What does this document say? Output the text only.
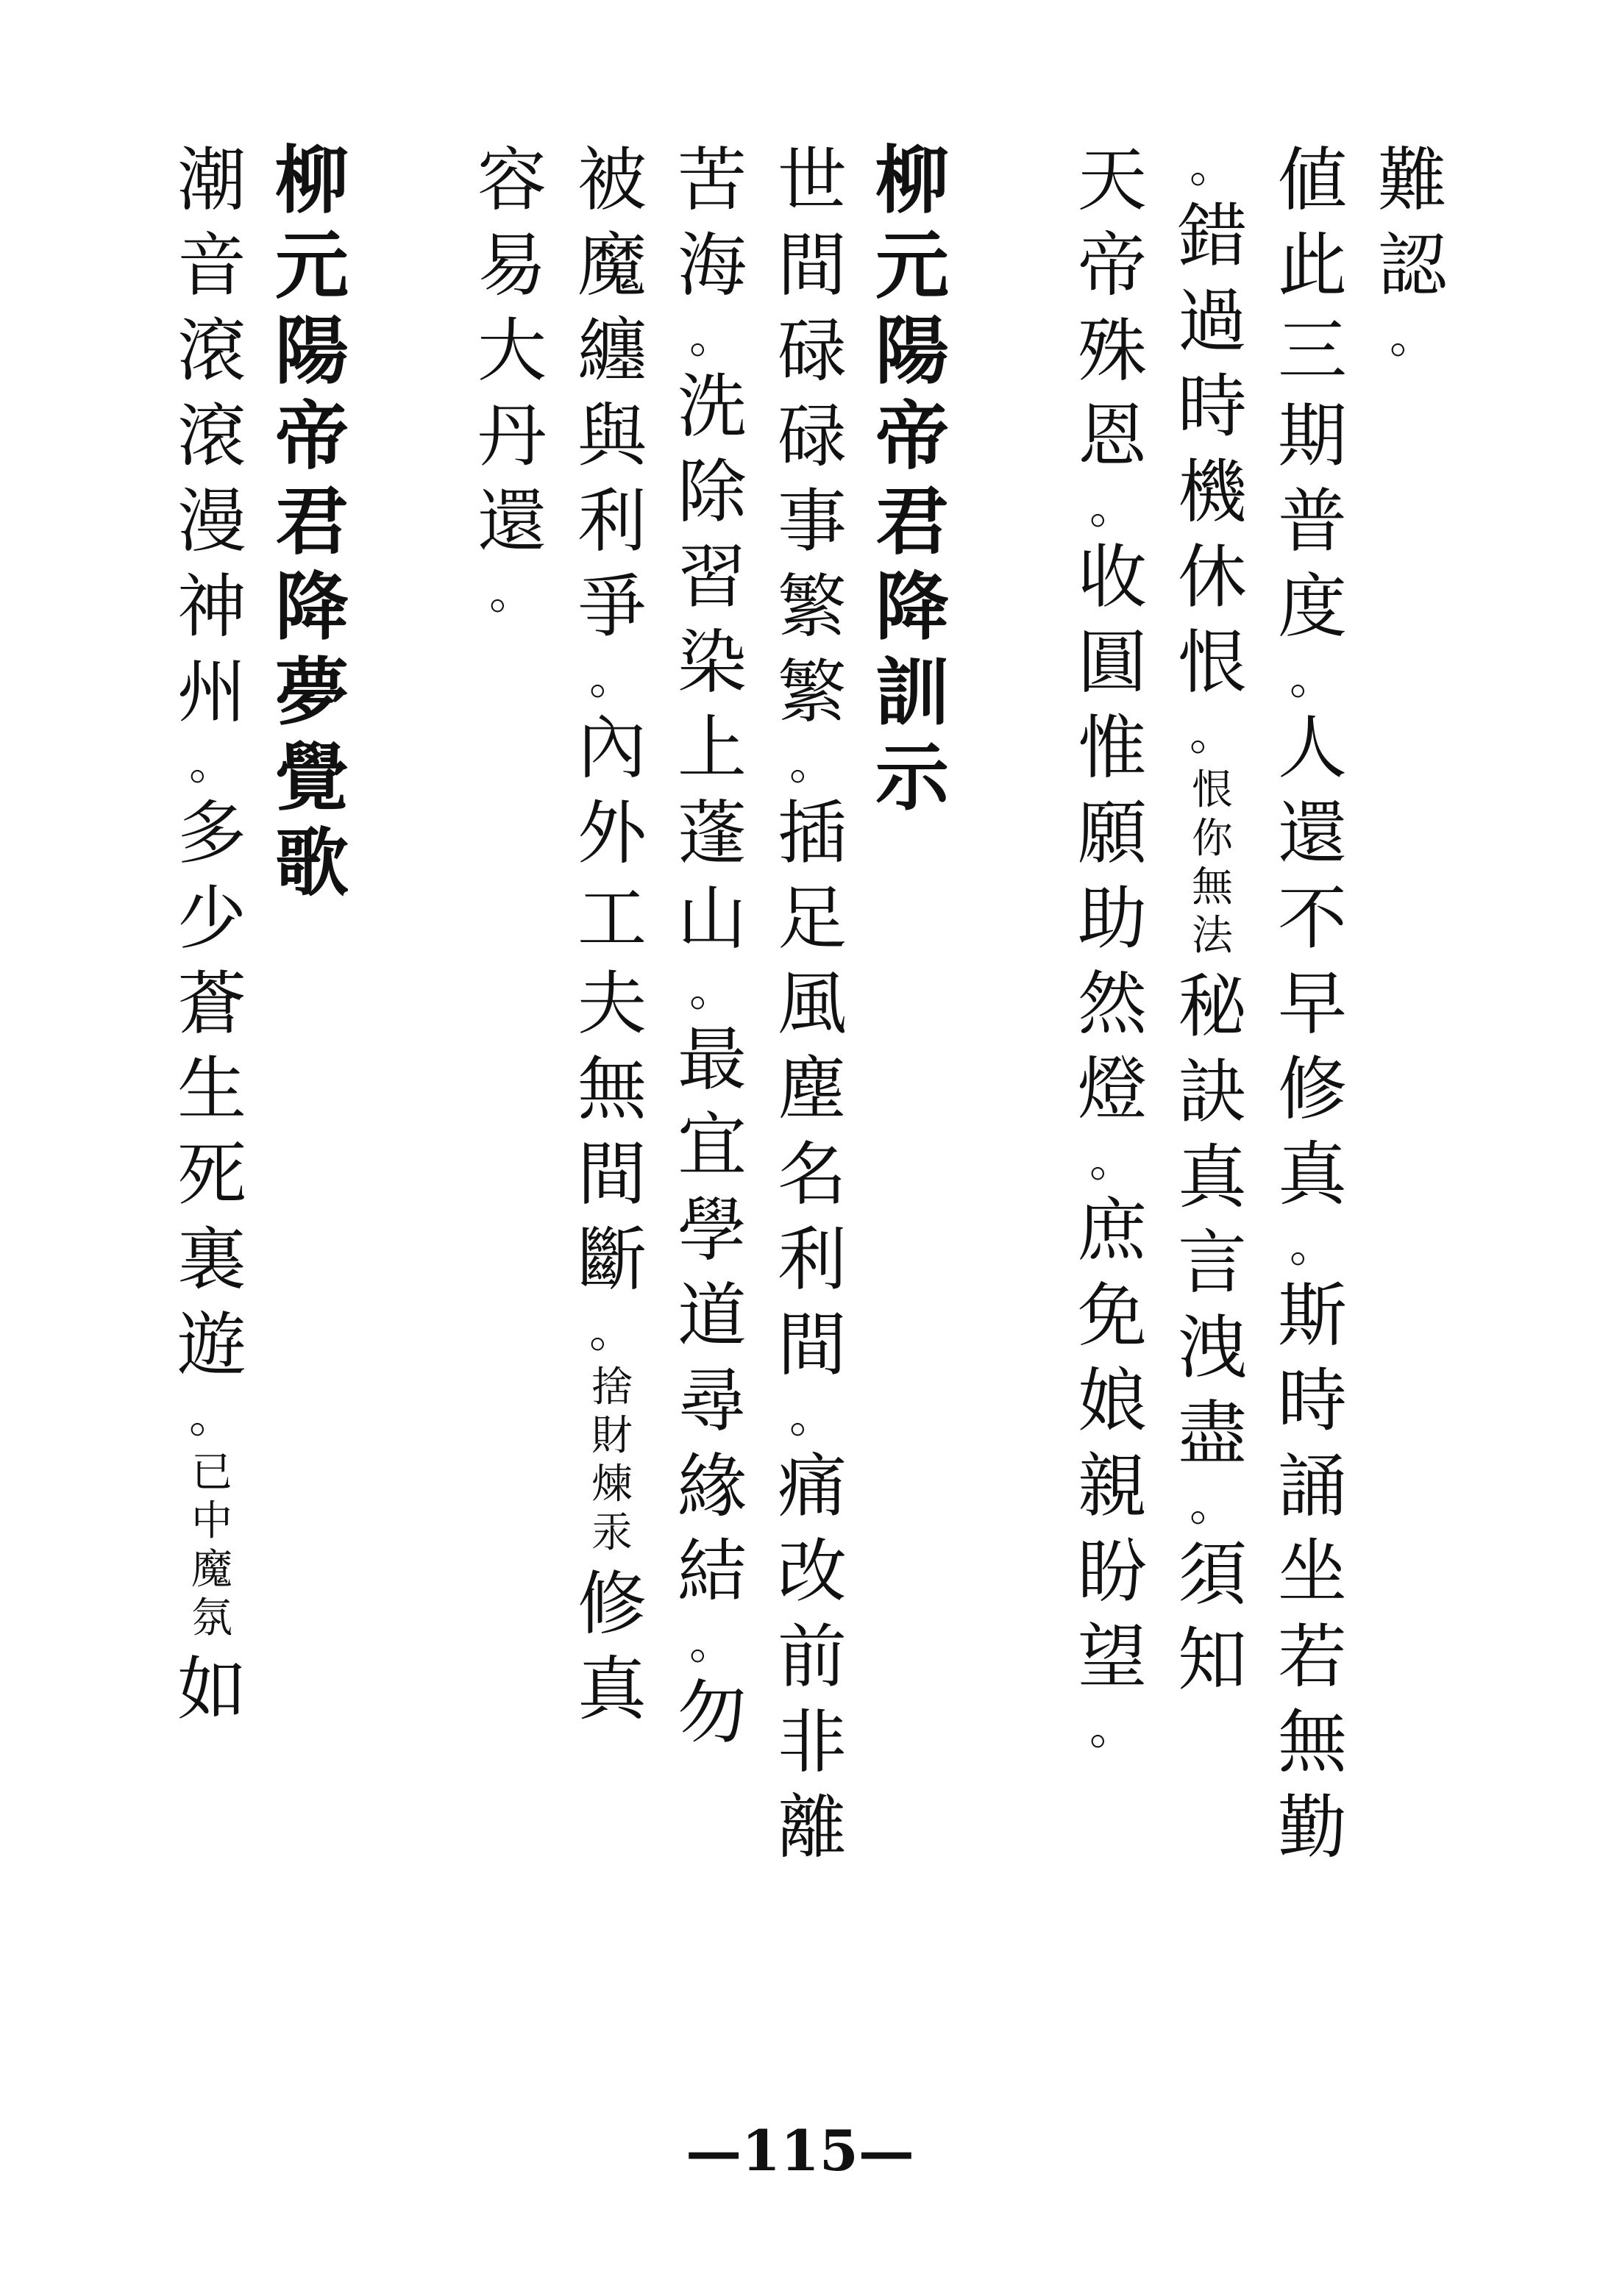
難
認
。
値
此
三
期
普
度
。
人
還
不
早
修
真
。
斯
時
誦
坐
若
無
勤
。
錯
過
時
機
休
恨
。
恨
你
無
法
秘
訣
真
言
洩
盡
。
須
知
天
帝
殊
恩
。
收
圓
惟
願
助
然
燈
。
庶
免
娘
親
盼
望
。
柳
元
陽
帝
君
降
訓
示
世
間
碌
碌
事
繁
繁
。
插
足
風
塵
名
利
間
。
痛
改
前
非
離
苦
海
。
洗
除
習
染
上
蓬
山
。
最
宜
學
道
尋
緣
結
。
勿
被
魔
纏
與
利
爭
。
內
外
工
夫
無
間
斷
。
捨
財
煉
汞
修
真
容
易
大
丹
還
。
柳
元
陽
帝
君
降
夢
覺
歌
潮
音
滾
滾
漫
神
州
。
多
少
蒼
生
死
裏
遊
。
已
中
魔
氛
如
—115—
